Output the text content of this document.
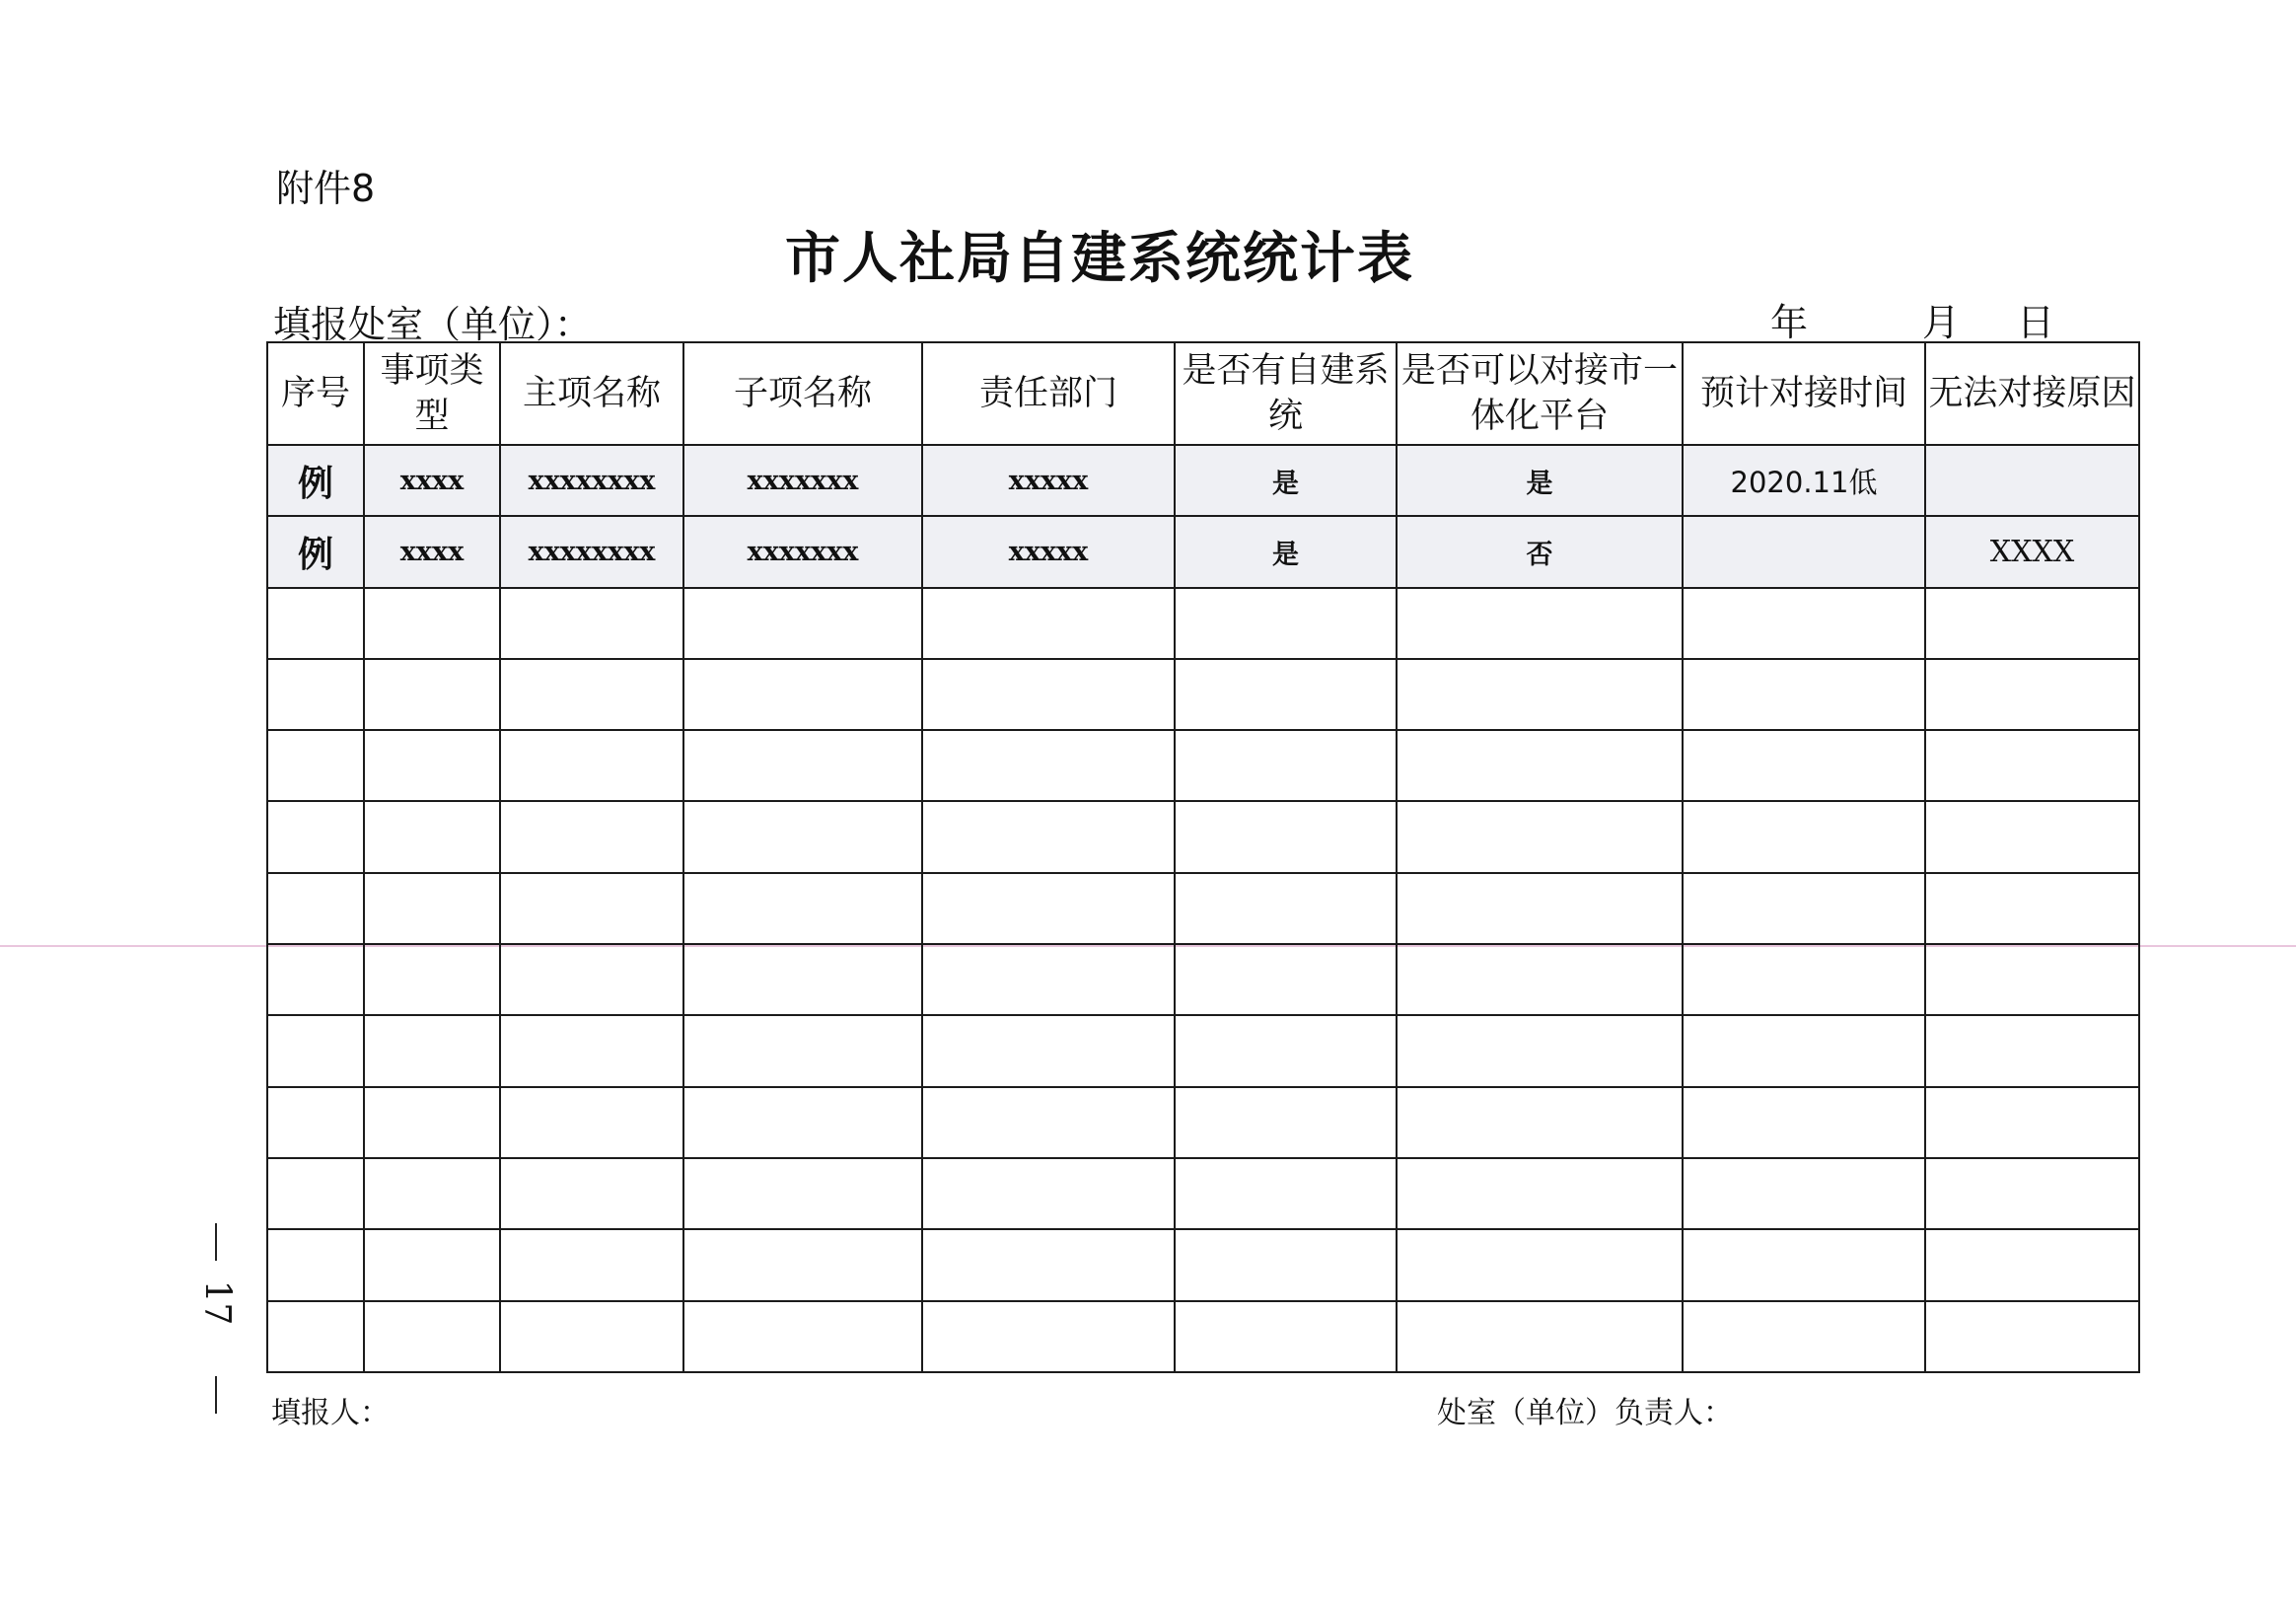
附件8
市人社局自建系统统计表
填报处室（单位）：	年	月 日
序号	事项类型	主项名称	子项名称	责任部门	是否有自建系统	是否可以对接市一体化平台	预计对接时间	无法对接原因
例	xxxx	xxxxxxxx	xxxxxxx	xxxxx	是	是	2020.11低	
例	xxxx	xxxxxxxx	xxxxxxx	xxxxx	是	否		XXXX

填报人：	处室（单位）负责人：
17
